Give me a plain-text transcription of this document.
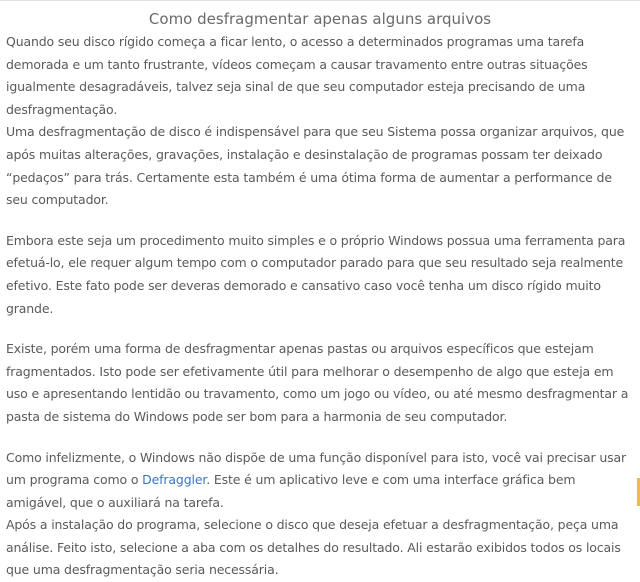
Como desfragmentar apenas alguns arquivos

Quando seu disco rígido começa a ficar lento, o acesso a determinados programas uma tarefa demorada e um tanto frustrante, vídeos começam a causar travamento entre outras situações igualmente desagradáveis, talvez seja sinal de que seu computador esteja precisando de uma desfragmentação.

Uma desfragmentação de disco é indispensável para que seu Sistema possa organizar arquivos, que após muitas alterações, gravações, instalação e desinstalação de programas possam ter deixado “pedaços” para trás. Certamente esta também é uma ótima forma de aumentar a performance de seu computador.

Embora este seja um procedimento muito simples e o próprio Windows possua uma ferramenta para efetuá-lo, ele requer algum tempo com o computador parado para que seu resultado seja realmente efetivo. Este fato pode ser deveras demorado e cansativo caso você tenha um disco rígido muito grande.

Existe, porém uma forma de desfragmentar apenas pastas ou arquivos específicos que estejam fragmentados. Isto pode ser efetivamente útil para melhorar o desempenho de algo que esteja em uso e apresentando lentidão ou travamento, como um jogo ou vídeo, ou até mesmo desfragmentar a pasta de sistema do Windows pode ser bom para a harmonia de seu computador.

Como infelizmente, o Windows não dispõe de uma função disponível para isto, você vai precisar usar um programa como o Defraggler. Este é um aplicativo leve e com uma interface gráfica bem amigável, que o auxiliará na tarefa.

Após a instalação do programa, selecione o disco que deseja efetuar a desfragmentação, peça uma análise. Feito isto, selecione a aba com os detalhes do resultado. Ali estarão exibidos todos os locais que uma desfragmentação seria necessária.
